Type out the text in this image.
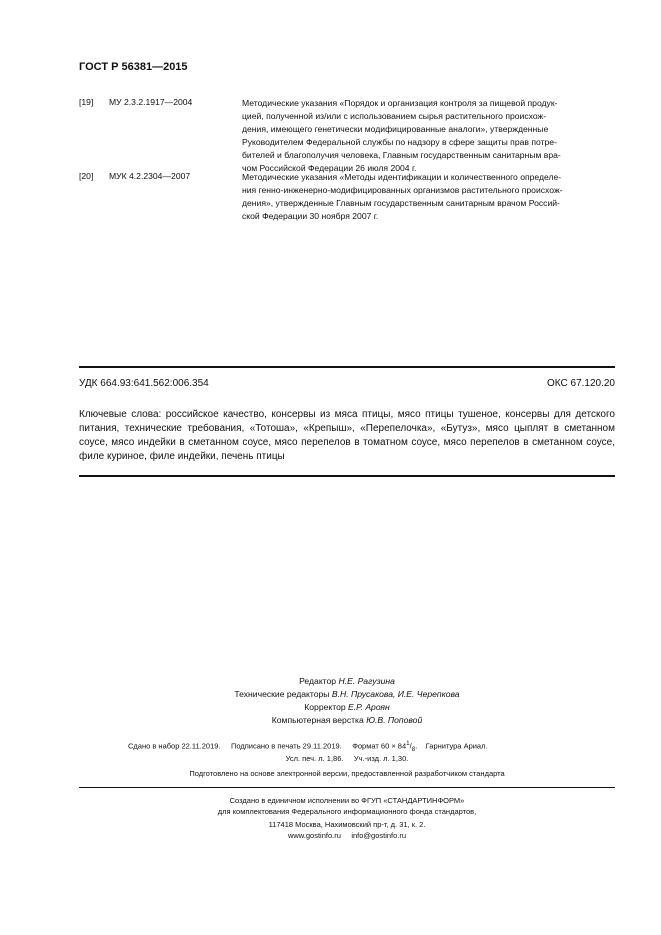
ГОСТ Р 56381—2015
[19] МУ 2.3.2.1917—2004	Методические указания «Порядок и организация контроля за пищевой продук-
цией, полученной из/или с использованием сырья растительного происхож-
дения, имеющего генетически модифицированные аналоги», утвержденные
Руководителем Федеральной службы по надзору в сфере защиты прав потре-
бителей и благополучия человека, Главным государственным санитарным вра-
чом Российской Федерации 26 июля 2004 г.
[20] МУК 4.2.2304—2007	Методические указания «Методы идентификации и количественного определе-
ния генно-инженерно-модифицированных организмов растительного происхож-
дения», утвержденные Главным государственным санитарным врачом Россий-
ской Федерации 30 ноября 2007 г.
УДК 664.93:641.562:006.354	ОКС 67.120.20
Ключевые слова: российское качество, консервы из мяса птицы, мясо птицы тушеное, консервы для детского питания, технические требования, «Тотоша», «Крепыш», «Перепелочка», «Бутуз», мясо цыплят в сметанном соусе, мясо индейки в сметанном соусе, мясо перепелов в томатном соусе, мясо перепелов в сметанном соусе, филе куриное, филе индейки, печень птицы
Редактор Н.Е. Рагузина
Технические редакторы В.Н. Прусакова, И.Е. Черепкова
Корректор Е.Р. Ароян
Компьютерная верстка Ю.В. Поповой
Сдано в набор 22.11.2019. Подписано в печать 29.11.2019. Формат $60 \times 84^1/_8$.    Гарнитура Ариал.
Усл. печ. л. 1,86. Уч.-изд. л. 1,30.
Подготовлено на основе электронной версии, предоставленной разработчиком стандарта
Создано в единичном исполнении во ФГУП «СТАНДАРТИНФОРМ»
для комплектования Федерального информационного фонда стандартов,
117418 Москва, Нахимовский пр-т, д. 31, к. 2.
www.gostinfo.ru info@gostinfo.ru
